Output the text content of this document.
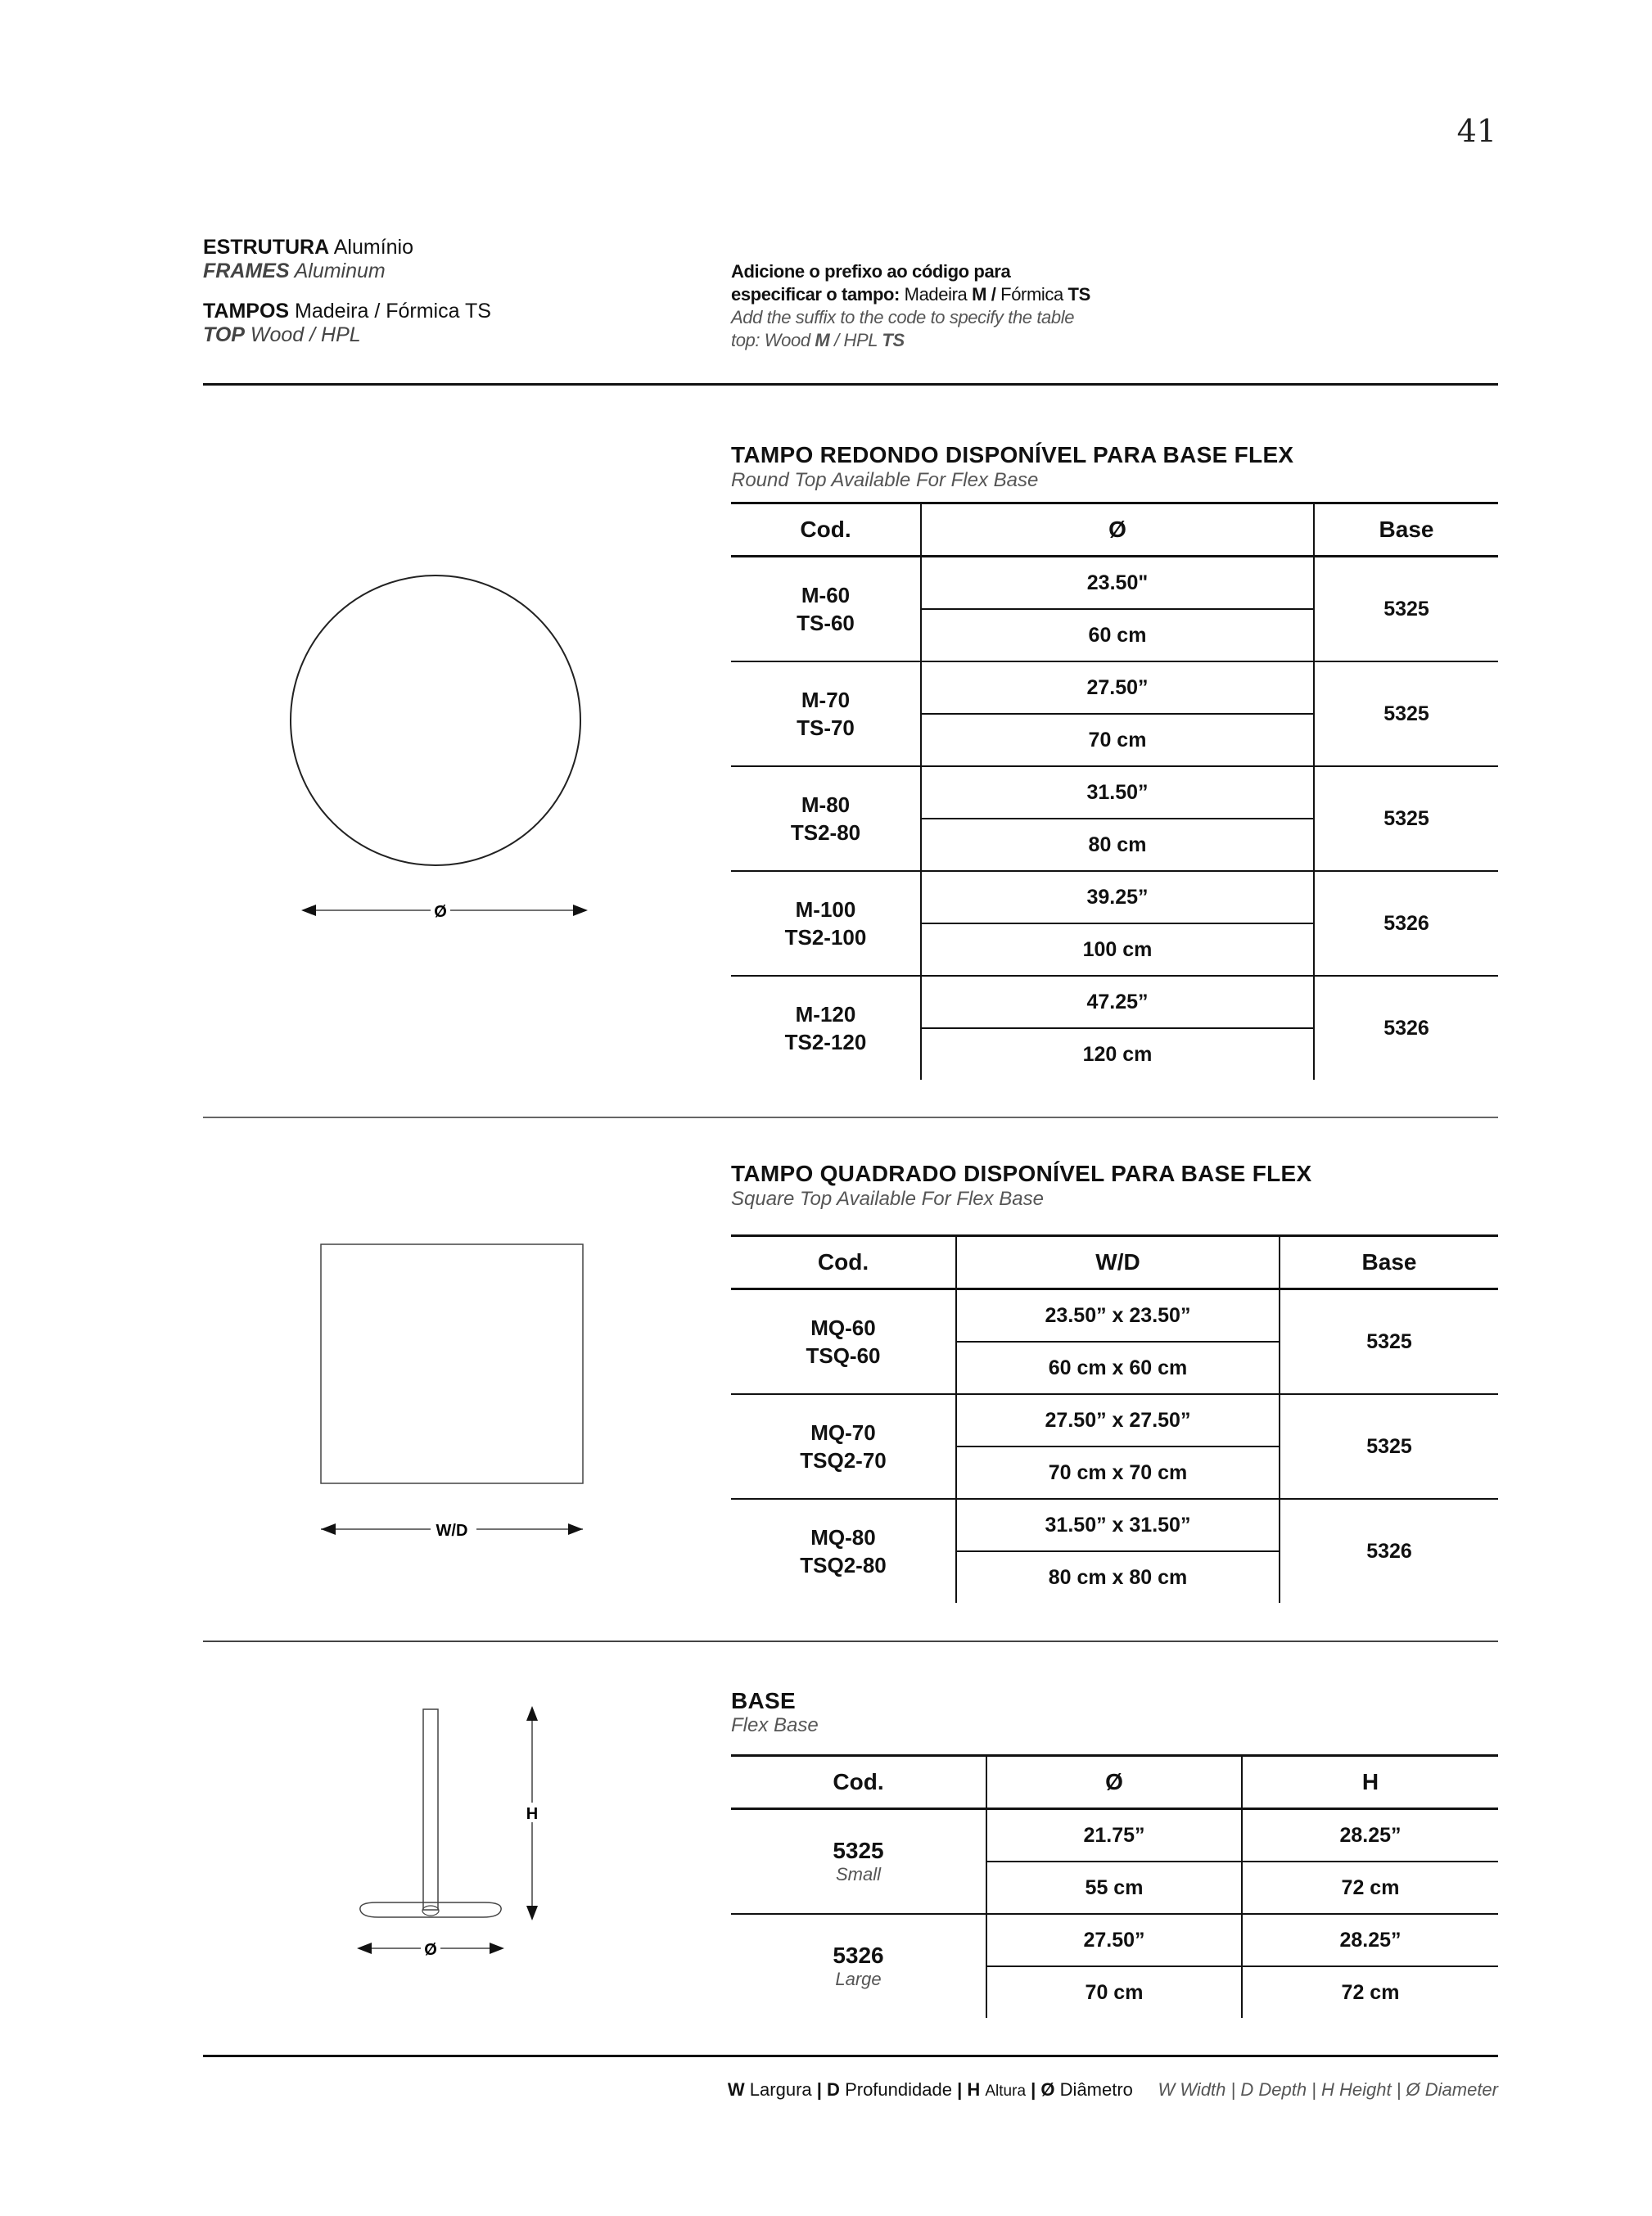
41
ESTRUTURA Alumínio
FRAMES Aluminum
TAMPOS Madeira / Fórmica TS
TOP Wood / HPL
Adicione o prefixo ao código para
especificar o tampo: Madeira M / Fórmica TS
Add the suffix to the code to specify the table
top: Wood M / HPL TS
Ø
TAMPO REDONDO DISPONÍVEL PARA BASE FLEX
Round Top Available For Flex Base
Cod.	Ø	Base

M-60
TS-60	23.50"	5325
	60 cm	

M-70
TS-70	27.50”	5325
	70 cm	

M-80
TS2-80	31.50”	5325
	80 cm	

M-100
TS2-100	39.25”	5326
	100 cm	

M-120
TS2-120	47.25”	5326
	120 cm	
W/D
TAMPO QUADRADO DISPONÍVEL PARA BASE FLEX
Square Top Available For Flex Base
Cod.	W/D	Base

MQ-60
TSQ-60	23.50” x 23.50”	5325
	60 cm x 60 cm	

MQ-70
TSQ2-70	27.50” x 27.50”	5325
	70 cm x 70 cm	

MQ-80
TSQ2-80	31.50” x 31.50”	5326
	80 cm x 80 cm	
H
Ø
BASE
Flex Base
Cod.	Ø	H

5325
Small	21.75”	28.25”
	55 cm	72 cm

5326
Large	27.50”	28.25”
	70 cm	72 cm
W Largura | D Profundidade | H Altura | Ø Diâmetro W Width | D Depth | H Height | Ø Diameter
